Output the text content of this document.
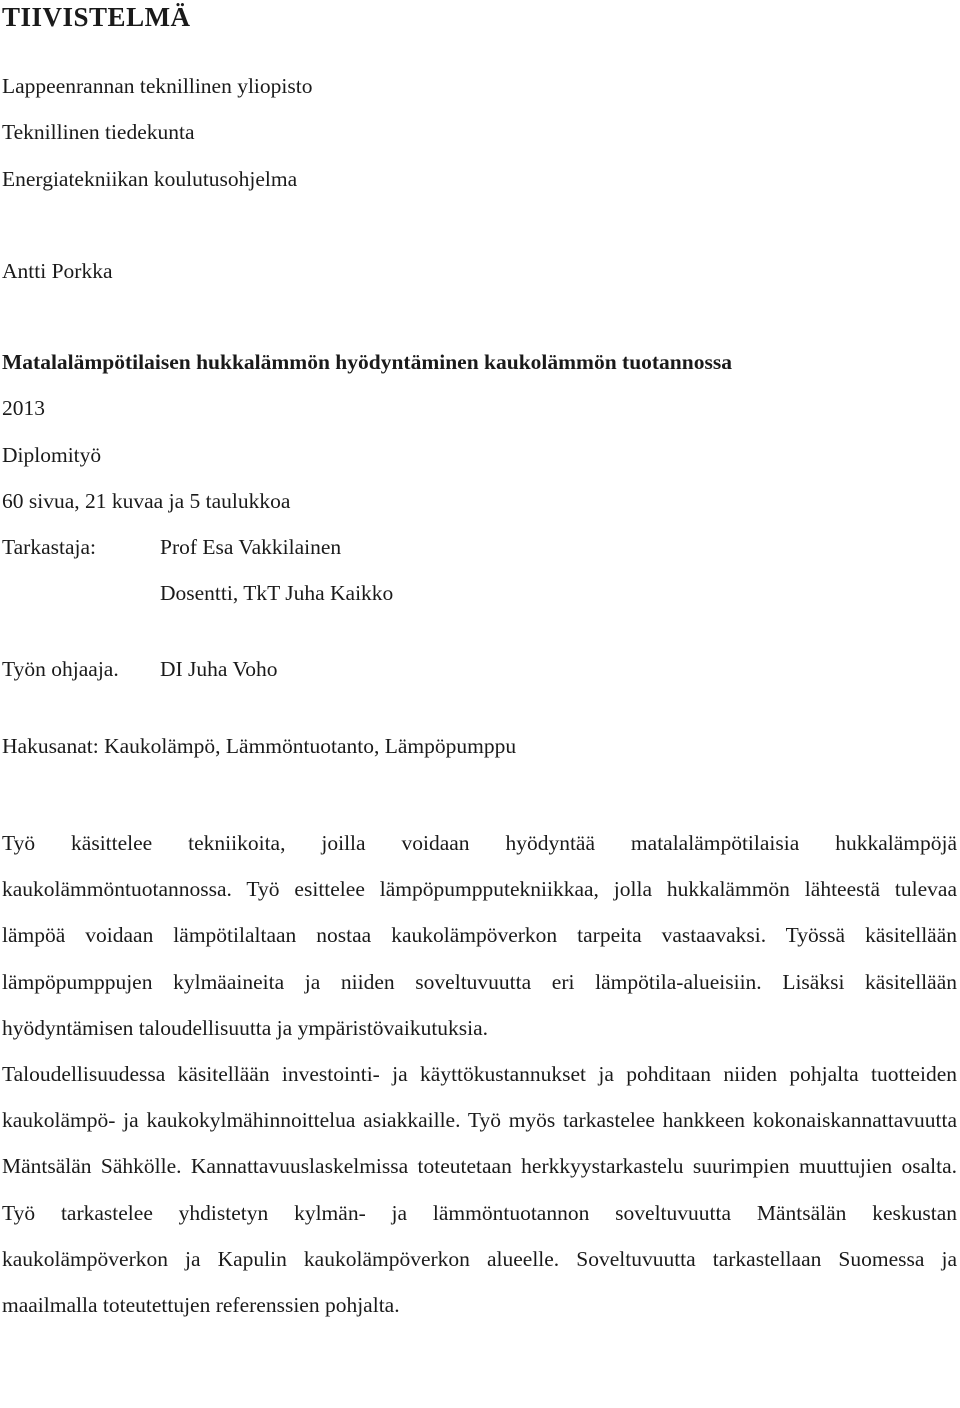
TIIVISTELMÄ
Lappeenrannan teknillinen yliopisto
Teknillinen tiedekunta
Energiatekniikan koulutusohjelma
Antti Porkka
Matalalämpötilaisen hukkalämmön hyödyntäminen kaukolämmön tuotannossa
2013
Diplomityö
60 sivua, 21 kuvaa ja 5 taulukkoa
Tarkastaja:	Prof Esa Vakkilainen
Dosentti, TkT Juha Kaikko
Työn ohjaaja. DI Juha Voho
Hakusanat: Kaukolämpö, Lämmöntuotanto, Lämpöpumppu

Työ käsittelee tekniikoita, joilla voidaan hyödyntää matalalämpötilaisia hukkalämpöjä kaukolämmöntuotannossa. Työ esittelee lämpöpumpputekniikkaa, jolla hukkalämmön lähteestä tulevaa lämpöä voidaan lämpötilaltaan nostaa kaukolämpöverkon tarpeita vastaavaksi. Työssä käsitellään lämpöpumppujen kylmäaineita ja niiden soveltuvuutta eri lämpötila-alueisiin. Lisäksi käsitellään hyödyntämisen taloudellisuutta ja ympäristövaikutuksia.

Taloudellisuudessa käsitellään investointi- ja käyttökustannukset ja pohditaan niiden pohjalta tuotteiden kaukolämpö- ja kaukokylmähinnoittelua asiakkaille. Työ myös tarkastelee hankkeen kokonaiskannattavuutta Mäntsälän Sähkölle. Kannattavuuslaskelmissa toteutetaan herkkyystarkastelu suurimpien muuttujien osalta. Työ tarkastelee yhdistetyn kylmän- ja lämmöntuotannon soveltuvuutta Mäntsälän keskustan kaukolämpöverkon ja Kapulin kaukolämpöverkon alueelle. Soveltuvuutta tarkastellaan Suomessa ja maailmalla toteutettujen referenssien pohjalta.
